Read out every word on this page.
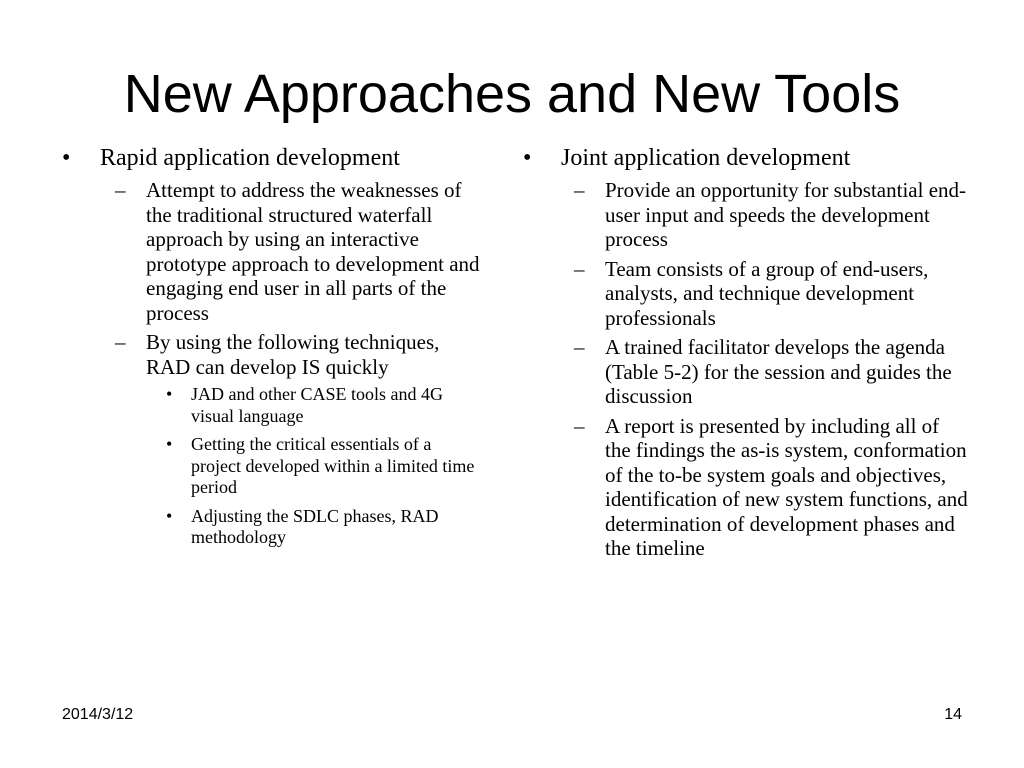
New Approaches and New Tools
• Rapid application development
– Attempt to address the weaknesses of the traditional structured waterfall approach by using an interactive prototype approach to development and engaging end user in all parts of the process
– By using the following techniques, RAD can develop IS quickly
• JAD and other CASE tools and 4G visual language
• Getting the critical essentials of a project developed within a limited time period
• Adjusting the SDLC phases, RAD methodology
• Joint application development
– Provide an opportunity for substantial end-user input and speeds the development process
– Team consists of a group of end-users, analysts, and technique development professionals
– A trained facilitator develops the agenda (Table 5-2) for the session and guides the discussion
– A report is presented by including all of the findings the as-is system, conformation of the to-be system goals and objectives, identification of new system functions, and determination of development phases and the timeline
2014/3/12	14
